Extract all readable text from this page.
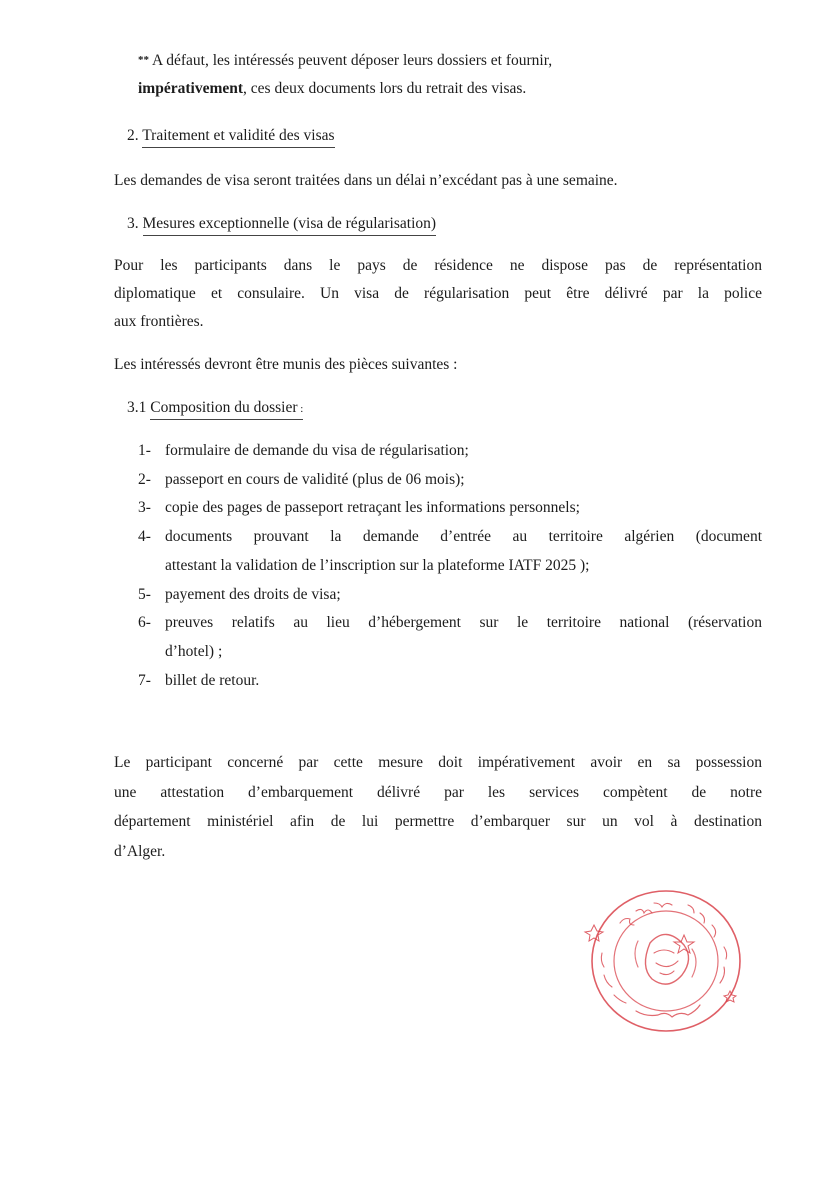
** A défaut, les intéressés peuvent déposer leurs dossiers et fournir,
impérativement, ces deux documents lors du retrait des visas.
2. Traitement et validité des visas
Les demandes de visa seront traitées dans un délai n’excédant pas à une semaine.
3. Mesures exceptionnelle (visa de régularisation)
Pour les participants dans le pays de résidence ne dispose pas de représentation
diplomatique et consulaire. Un visa de régularisation peut être délivré par la police
aux frontières.
Les intéressés devront être munis des pièces suivantes :
3.1 Composition du dossier :
1- formulaire de demande du visa de régularisation;
2- passeport en cours de validité (plus de 06 mois);
3- copie des pages de passeport retraçant les informations personnels;
4- documents prouvant la demande d’entrée au territoire algérien (document
attestant la validation de l’inscription sur la plateforme IATF 2025 );
5- payement des droits de visa;
6- preuves relatifs au lieu d’hébergement sur le territoire national (réservation
d’hotel) ;
7- billet de retour.
Le participant concerné par cette mesure doit impérativement avoir en sa possession
une attestation d’embarquement délivré par les services compètent de notre
département ministériel afin de lui permettre d’embarquer sur un vol à destination
d’Alger.
